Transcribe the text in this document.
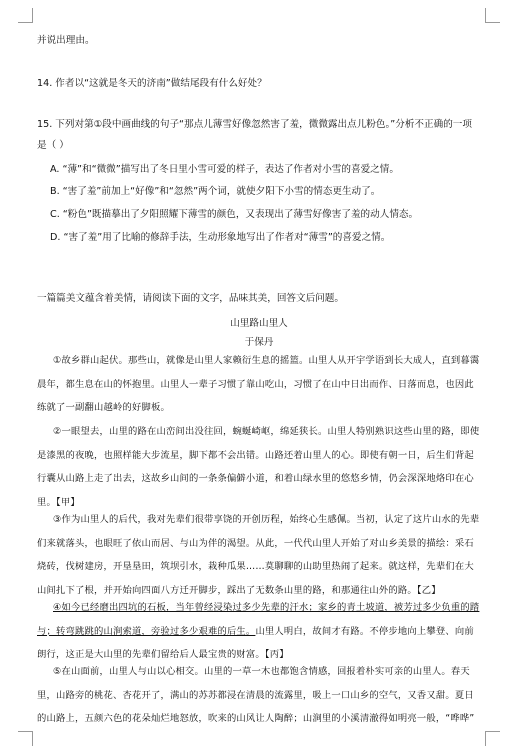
并说出理由。
14. 作者以“这就是冬天的济南”做结尾段有什么好处？
15. 下列对第①段中画曲线的句子“那点儿薄雪好像忽然害了羞，微微露出点儿粉色。”分析不正确的一项
是（ ）
A. “薄”和“微微”描写出了冬日里小雪可爱的样子，表达了作者对小雪的喜爱之情。
B. “害了羞”前加上“好像”和“忽然”两个词，就使夕阳下小雪的情态更生动了。
C. “粉色”既描摹出了夕阳照耀下薄雪的颜色，又表现出了薄雪好像害了羞的动人情态。
D. “害了羞”用了比喻的修辞手法，生动形象地写出了作者对“薄雪”的喜爱之情。
一篇篇美文蕴含着美情，请阅读下面的文字，品味其美，回答文后问题。
山里路山里人
于保丹
①故乡群山起伏。那些山，就像是山里人家赖衍生息的摇篮。山里人从开宇学语到长大成人，直到暮霭晨年，都生息在山的怀抱里。山里人一辈子习惯了靠山吃山，习惯了在山中日出而作、日落而息，也因此练就了一副翻山越岭的好脚板。
②一眼望去，山里的路在山峦间出没往回，蜿蜒崎岖，绵延狭长。山里人特别熟识这些山里的路，即使是漆黑的夜晚，也照样能大步流星，脚下都不会出错。山路还着山里人的心。即使有朝一日，后生们背起行囊从山路上走了出去，这故乡山间的一条条偏僻小道，和着山绿水里的悠悠乡情，仍会深深地烙印在心里。【甲】
③作为山里人的后代，我对先辈们很带享饶的开创历程，始终心生感佩。当初，认定了这片山水的先辈们来就落头，也眼旺了依山而居、与山为伴的渴望。从此，一代代山里人开始了对山乡美景的描绘：采石烧砖，伐树建房，开垦垦田，筑坝引水，栽种瓜果……莫聊聊的山助里热闹了起来。就这样，先辈们在大山间扎下了根，并开始向四面八方迁开脚步，踩出了无数条山里的路，和那通往山外的路。【乙】
④如今已经磨出四坑的石板，当年曾经浸染过多少先辈的汗水；家乡的青土坡道，被芳过多少负重的踏与；转弯跳跳的山涧索道，旁验过多少艰难的后生。山里人明白，故间才有路。不停步地向上攀登、向前朗行，这正是大山里的先辈们留给后人最宝贵的财富。【丙】
⑤在山面前，山里人与山以心相交。山里的一草一木也都饱含情感，回报着朴实可亲的山里人。春天里，山路旁的桃花、杏花开了，满山的苏苏都浸在清晨的流露里，吸上一口山乡的空气，又香又甜。夏日的山路上，五颜六色的花朵灿烂地怒放，吹来的山风让人陶醉；山涧里的小溪清澈得如明亮一般，“哗哗”
